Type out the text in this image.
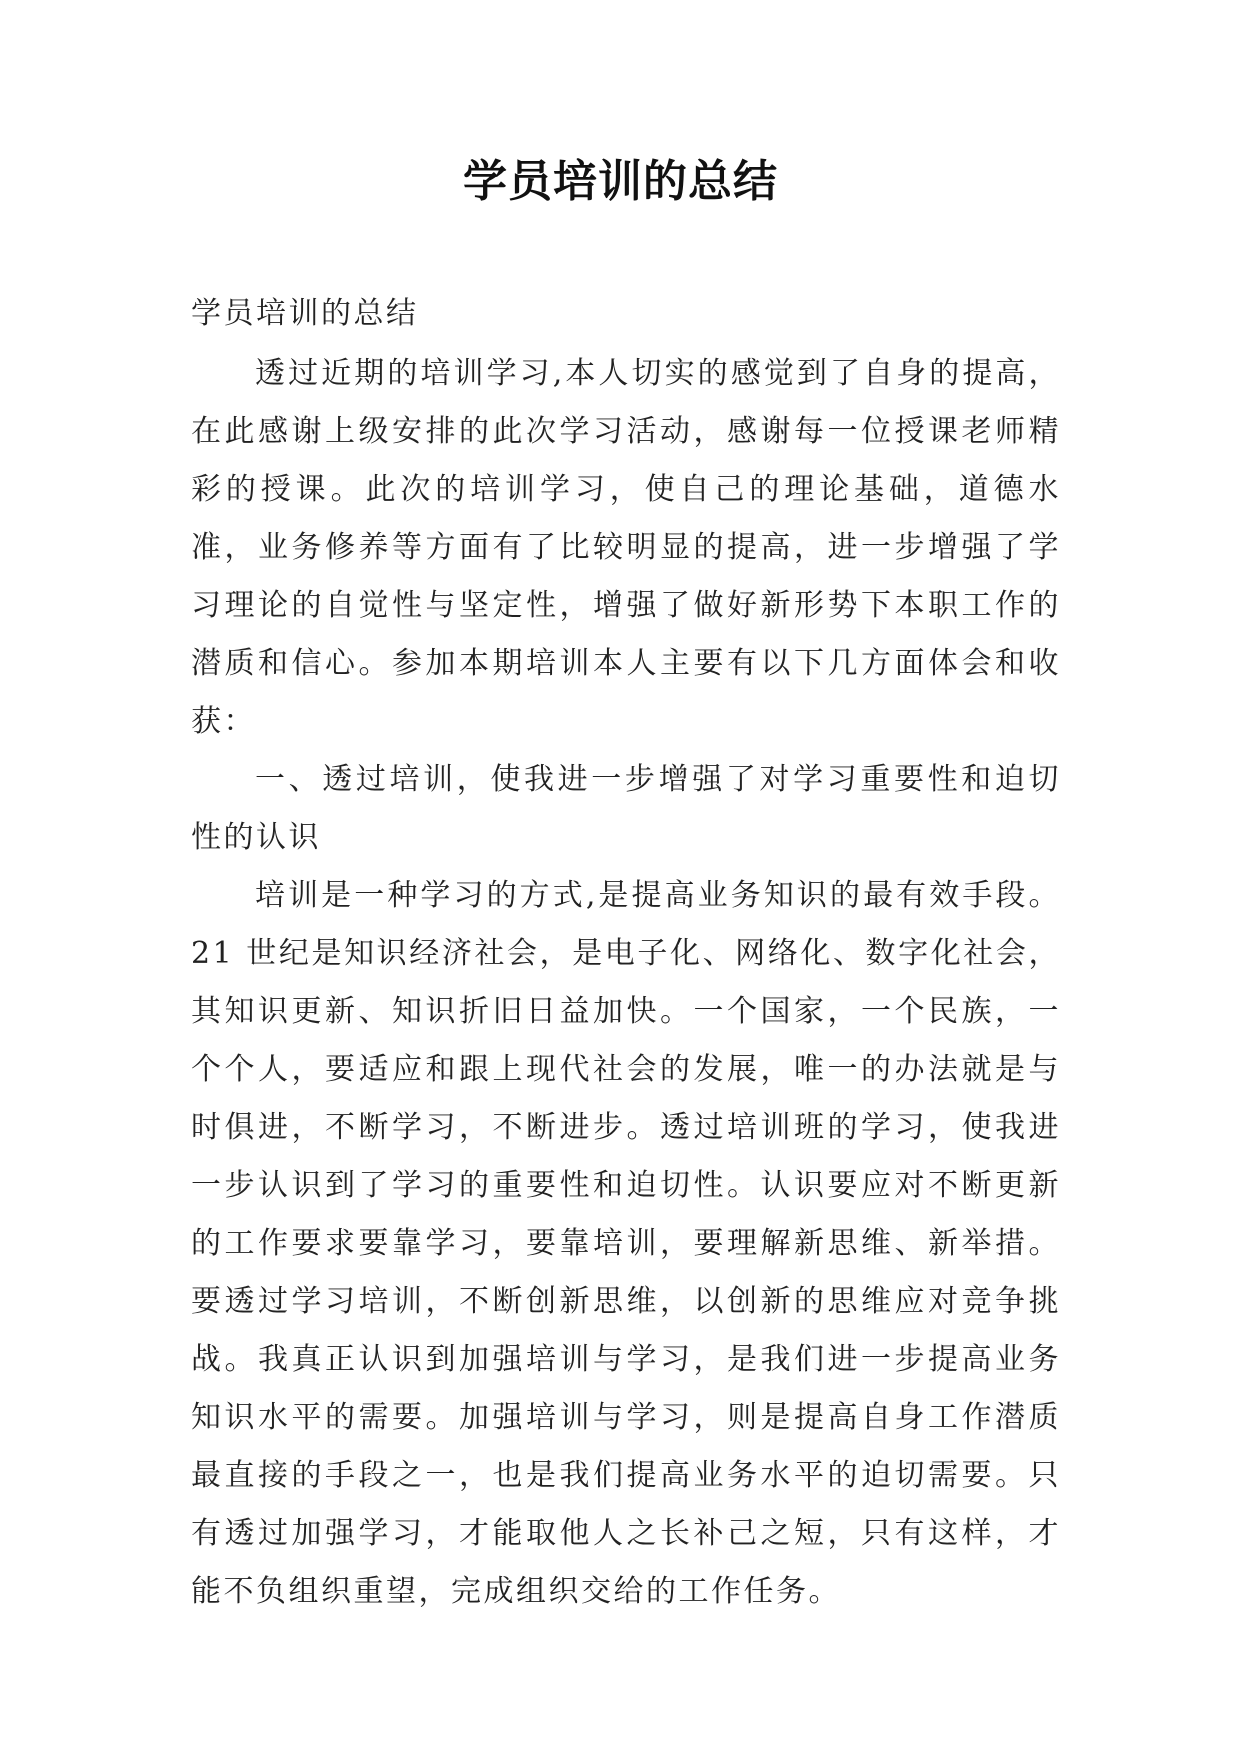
学员培训的总结

学员培训的总结

透过近期的培训学习,本人切实的感觉到了自身的提高，在此感谢上级安排的此次学习活动，感谢每一位授课老师精彩的授课。此次的培训学习，使自己的理论基础，道德水准，业务修养等方面有了比较明显的提高，进一步增强了学习理论的自觉性与坚定性，增强了做好新形势下本职工作的潜质和信心。参加本期培训本人主要有以下几方面体会和收获：

一、透过培训，使我进一步增强了对学习重要性和迫切性的认识

培训是一种学习的方式,是提高业务知识的最有效手段。21 世纪是知识经济社会，是电子化、网络化、数字化社会，其知识更新、知识折旧日益加快。一个国家，一个民族，一个个人，要适应和跟上现代社会的发展，唯一的办法就是与时俱进，不断学习，不断进步。透过培训班的学习，使我进一步认识到了学习的重要性和迫切性。认识要应对不断更新的工作要求要靠学习，要靠培训，要理解新思维、新举措。要透过学习培训，不断创新思维，以创新的思维应对竞争挑战。我真正认识到加强培训与学习，是我们进一步提高业务知识水平的需要。加强培训与学习，则是提高自身工作潜质最直接的手段之一，也是我们提高业务水平的迫切需要。只有透过加强学习，才能取他人之长补己之短，只有这样，才能不负组织重望，完成组织交给的工作任务。
